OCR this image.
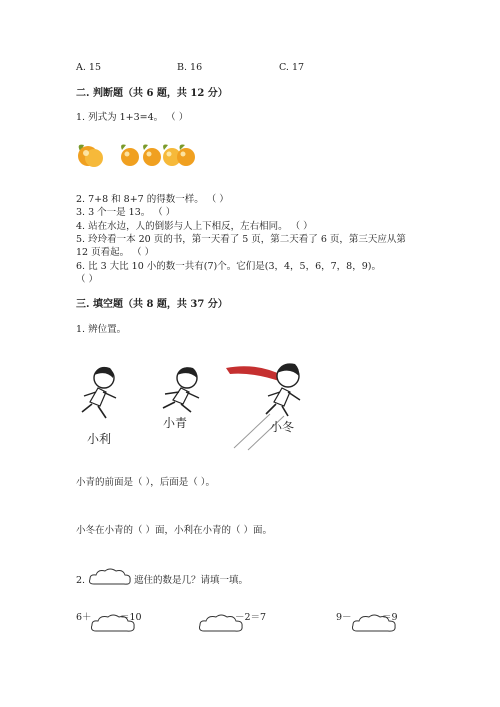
A. 15	B. 16	C. 17
二. 判断题（共 6 题，共 12 分）
1. 列式为 1+3=4。 （ ）
2. 7+8 和 8+7 的得数一样。 （ ）
3. 3 个一是 13。 （ ）
4. 站在水边，人的倒影与人上下相反，左右相同。 （ ）
5. 玲玲看一本 20 页的书，第一天看了 5 页，第二天看了 6 页，第三天应从第
12 页看起。 （ ）
6. 比 3 大比 10 小的数一共有(7)个。它们是(3，4，5，6，7，8，9)。
（ ）
三. 填空题（共 8 题，共 37 分）
1. 辨位置。
小利
小青	小冬
小青的前面是（ ），后面是（ ）。
小冬在小青的（ ）面，小利在小青的（ ）面。
2.	遮住的数是几？请填一填。
6＋	＝10	－2＝7	9－	＝9
